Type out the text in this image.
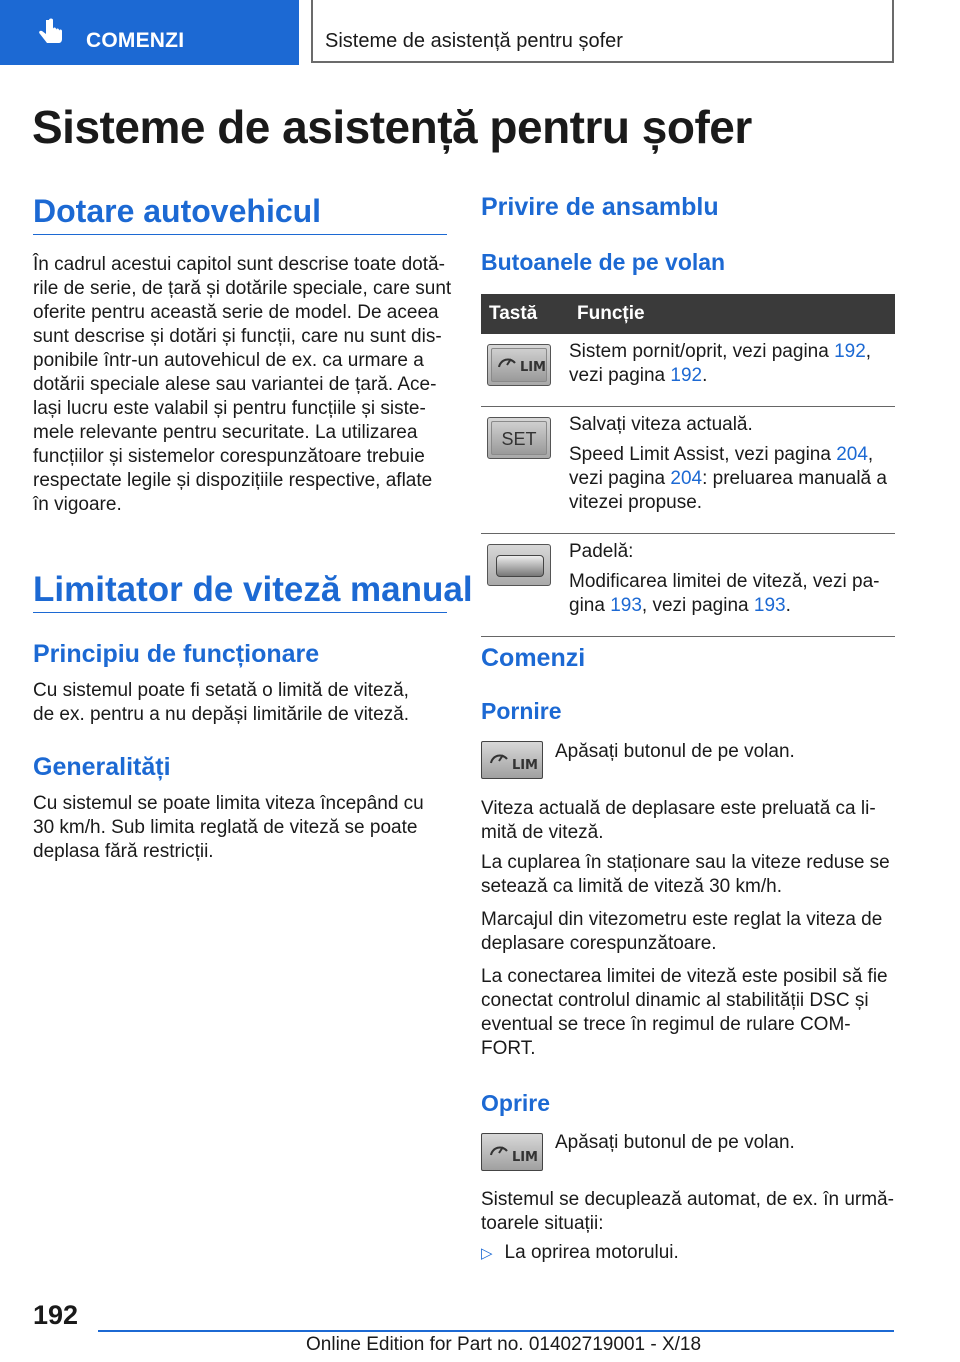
COMENZI	Sisteme de asistență pentru șofer
Sisteme de asistență pentru șofer
Dotare autovehicul
În cadrul acestui capitol sunt descrise toate dotă-
rile de serie, de țară și dotările speciale, care sunt
oferite pentru această serie de model. De aceea
sunt descrise și dotări și funcții, care nu sunt dis-
ponibile într-un autovehicul de ex. ca urmare a
dotării speciale alese sau variantei de țară. Ace-
lași lucru este valabil și pentru funcțiile și siste-
mele relevante pentru securitate. La utilizarea
funcțiilor și sistemelor corespunzătoare trebuie
respectate legile și dispozițiile respective, aflate
în vigoare.
Limitator de viteză manual
Principiu de funcționare
Cu sistemul poate fi setată o limită de viteză,
de ex. pentru a nu depăși limitările de viteză.
Generalități
Cu sistemul se poate limita viteza începând cu
30 km/h. Sub limita reglată de viteză se poate
deplasa fără restricții.
Privire de ansamblu
Butoanele de pe volan
Tastă	Funcție

LIM	Sistem pornit/oprit, vezi pagina 192,
vezi pagina 192.

SET	Salvați viteza actuală.

Speed Limit Assist, vezi pagina 204,
vezi pagina 204: preluarea manuală a
vitezei propuse.

	Padelă:

Modificarea limitei de viteză, vezi pa-
gina 193, vezi pagina 193.

Comenzi
Pornire
LIM
Apăsați butonul de pe volan.
Viteza actuală de deplasare este preluată ca li-
mită de viteză.
La cuplarea în staționare sau la viteze reduse se
setează ca limită de viteză 30 km/h.
Marcajul din vitezometru este reglat la viteza de
deplasare corespunzătoare.
La conectarea limitei de viteză este posibil să fie
conectat controlul dinamic al stabilității DSC și
eventual se trece în regimul de rulare COM-
FORT.
Oprire
LIM
Apăsați butonul de pe volan.
Sistemul se decuplează automat, de ex. în urmă-
toarele situații:
▷ La oprirea motorului.
192
Online Edition for Part no. 01402719001 - X/18
